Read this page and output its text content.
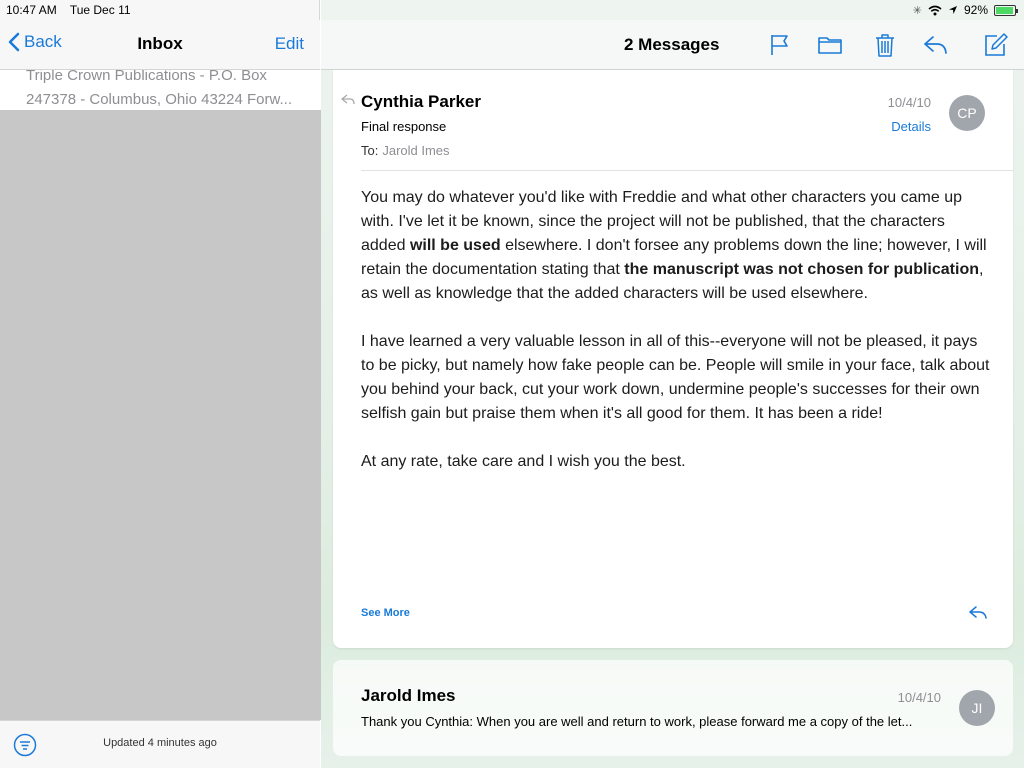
10:47 AM Tue Dec 11
Back	Inbox	Edit
Triple Crown Publications - P.O. Box
247378 - Columbus, Ohio 43224 Forw...
Updated 4 minutes ago
✳	92%
2 Messages
Cynthia Parker
Final response
To: Jarold Imes
10/4/10
Details
CP

You may do whatever you'd like with Freddie and what other characters you came up with. I've let it be known, since the project will not be published, that the characters added will be used elsewhere. I don't forsee any problems down the line; however, I will retain the documentation stating that the manuscript was not chosen for publication, as well as knowledge that the added characters will be used elsewhere.

I have learned a very valuable lesson in all of this--everyone will not be pleased, it pays to be picky, but namely how fake people can be. People will smile in your face, talk about you behind your back, cut your work down, undermine people's successes for their own selfish gain but praise them when it's all good for them. It has been a ride!

At any rate, take care and I wish you the best.

See More
Jarold Imes	10/4/10
Thank you Cynthia: When you are well and return to work, please forward me a copy of the let...
JI
